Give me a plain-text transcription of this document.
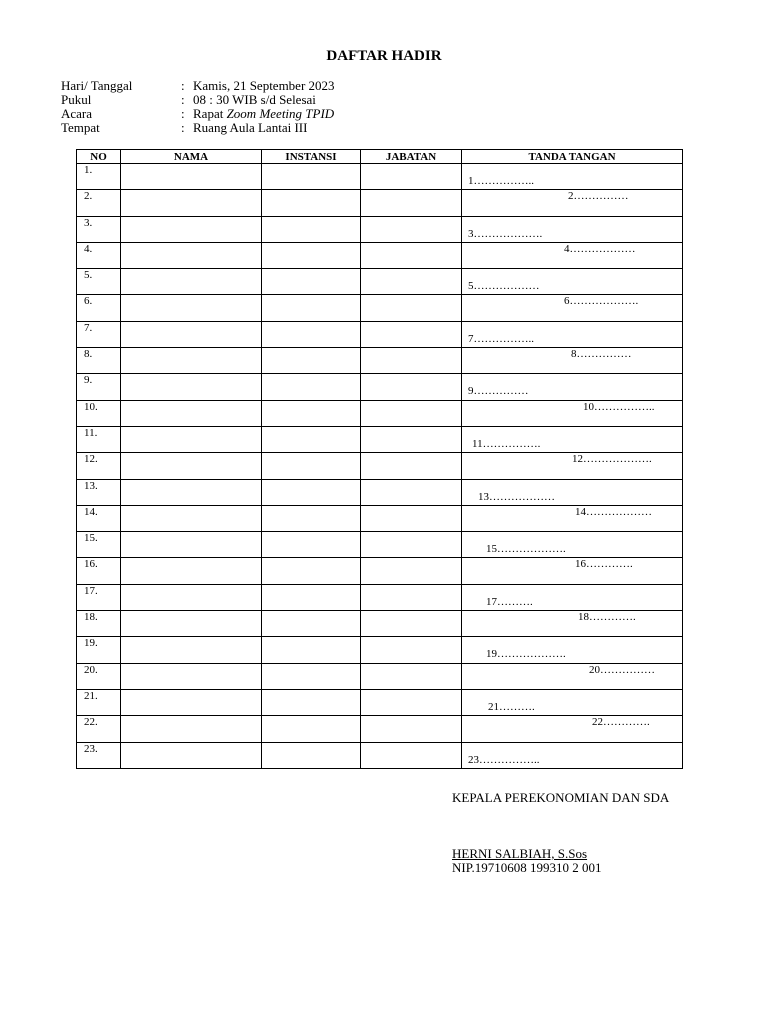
DAFTAR HADIR
Hari/ Tanggal	: Kamis, 21 September 2023
Pukul	: 08 : 30 WIB s/d Selesai
Acara	: Rapat Zoom Meeting TPID
Tempat	: Ruang Aula Lantai III
NO	NAMA	INSTANSI	JABATAN	TANDA TANGAN
1.				1……………..

2.				2……………

3.				3……………….

4.				4………………

5.				5………………

6.				6……………….

7.				7……………..

8.				8……………

9.				9……………

10.				10……………..

11.				11…………….

12.				12……………….

13.				13………………

14.				14………………

15.				15……………….

16.				16………….

17.				17……….

18.				18………….

19.				19……………….

20.				20……………

21.				21……….

22.				22………….

23.				23……………..
KEPALA PEREKONOMIAN DAN SDA
HERNI SALBIAH, S.Sos
NIP.19710608 199310 2 001
